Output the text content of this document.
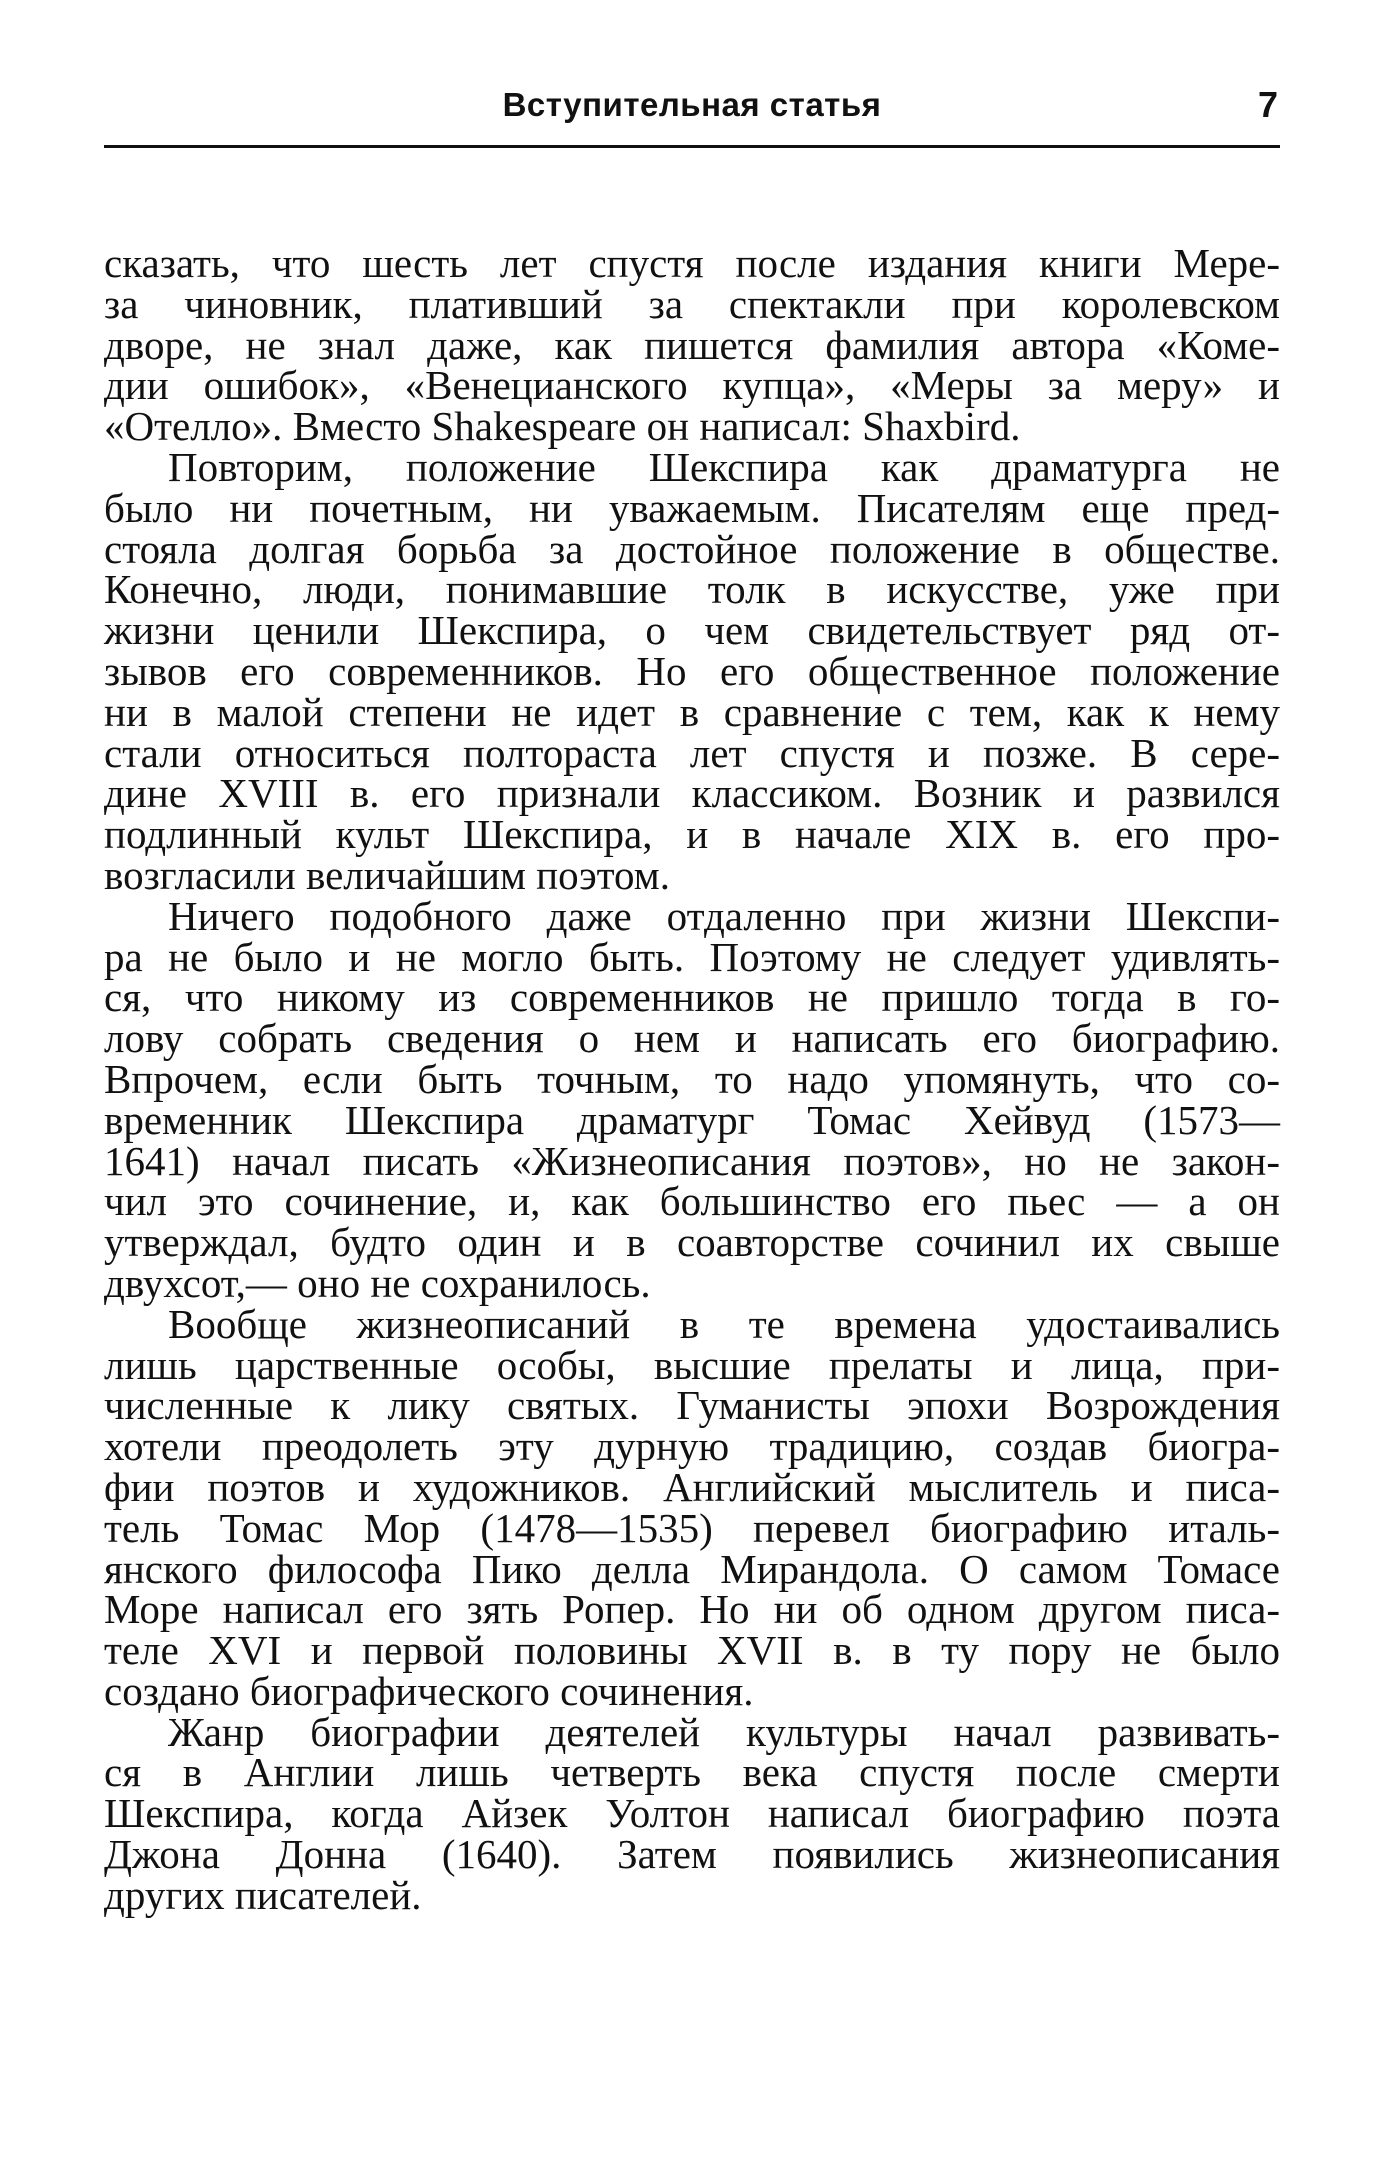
Вступительная статья	7
сказать, что шесть лет спустя после издания книги Мере-
за чиновник, плативший за спектакли при королевском
дворе, не знал даже, как пишется фамилия автора «Коме-
дии ошибок», «Венецианского купца», «Меры за меру» и
«Отелло». Вместо Shakespeare он написал: Shaxbird.
Повторим, положение Шекспира как драматурга не
было ни почетным, ни уважаемым. Писателям еще пред-
стояла долгая борьба за достойное положение в обществе.
Конечно, люди, понимавшие толк в искусстве, уже при
жизни ценили Шекспира, о чем свидетельствует ряд от-
зывов его современников. Но его общественное положение
ни в малой степени не идет в сравнение с тем, как к нему
стали относиться полтораста лет спустя и позже. В сере-
дине XVIII в. его признали классиком. Возник и развился
подлинный культ Шекспира, и в начале XIX в. его про-
возгласили величайшим поэтом.
Ничего подобного даже отдаленно при жизни Шекспи-
ра не было и не могло быть. Поэтому не следует удивлять-
ся, что никому из современников не пришло тогда в го-
лову собрать сведения о нем и написать его биографию.
Впрочем, если быть точным, то надо упомянуть, что со-
временник Шекспира драматург Томас Хейвуд (1573—
1641) начал писать «Жизнеописания поэтов», но не закон-
чил это сочинение, и, как большинство его пьес — а он
утверждал, будто один и в соавторстве сочинил их свыше
двухсот,— оно не сохранилось.
Вообще жизнеописаний в те времена удостаивались
лишь царственные особы, высшие прелаты и лица, при-
численные к лику святых. Гуманисты эпохи Возрождения
хотели преодолеть эту дурную традицию, создав биогра-
фии поэтов и художников. Английский мыслитель и писа-
тель Томас Мор (1478—1535) перевел биографию италь-
янского философа Пико делла Мирандола. О самом Томасе
Море написал его зять Ропер. Но ни об одном другом писа-
теле XVI и первой половины XVII в. в ту пору не было
создано биографического сочинения.
Жанр биографии деятелей культуры начал развивать-
ся в Англии лишь четверть века спустя после смерти
Шекспира, когда Айзек Уолтон написал биографию поэта
Джона Донна (1640). Затем появились жизнеописания
других писателей.
